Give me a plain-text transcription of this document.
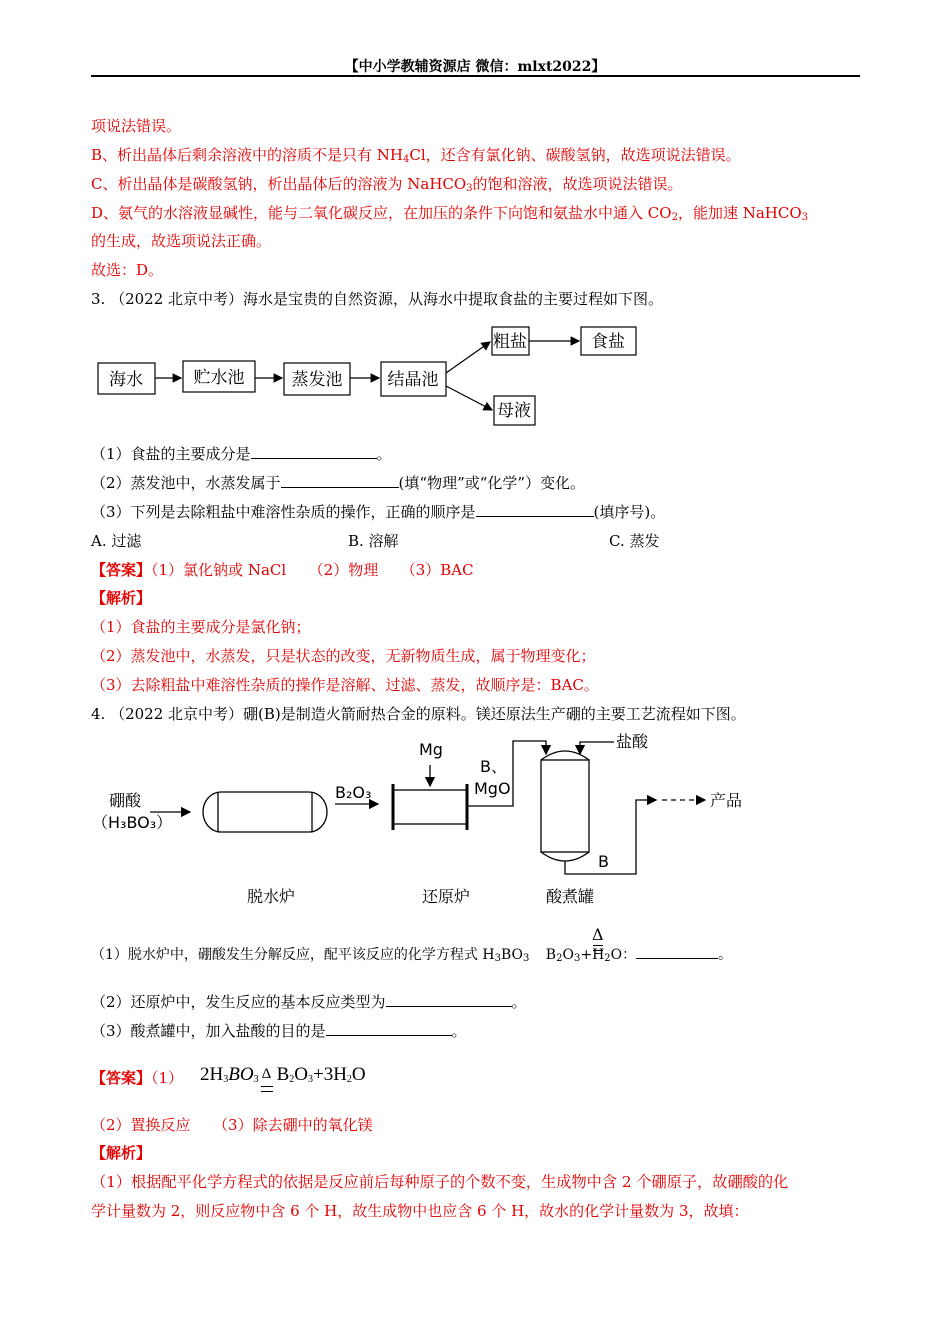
【中小学教辅资源店 微信：mlxt2022】
项说法错误。
B、析出晶体后剩余溶液中的溶质不是只有 $NH_4Cl$，还含有氯化钠、碳酸氢钠，故选项说法错误。
C、析出晶体是碳酸氢钠，析出晶体后的溶液为 NaHCO$_3$的饱和溶液，故选项说法错误。
D、氨气的水溶液显碱性，能与二氧化碳反应，在加压的条件下向饱和氨盐水中通入 $CO_2$，能加速 NaHCO$_3$
的生成，故选项说法正确。
故选：D。
3. （2022 北京中考）海水是宝贵的自然资源，从海水中提取食盐的主要过程如下图。
海水	贮水池	蒸发池	结晶池
粗盐	食盐
母液
（1）食盐的主要成分是	。
（2）蒸发池中，水蒸发属于	(填“物理”或“化学”）变化。
（3）下列是去除粗盐中难溶性杂质的操作，正确的顺序是	(填序号)。
A. 过滤	B. 溶解	C. 蒸发
【答案】（1）氯化钠或 NaCl　　（2）物理　　（3）BAC
【解析】
（1）食盐的主要成分是氯化钠；
（2）蒸发池中，水蒸发，只是状态的改变，无新物质生成，属于物理变化；
（3）去除粗盐中难溶性杂质的操作是溶解、过滤、蒸发，故顺序是：BAC。
4. （2022 北京中考）硼(B)是制造火箭耐热合金的原料。镁还原法生产硼的主要工艺流程如下图。
硼酸
（H₃BO₃）
B₂O₃
Mg
B、
MgO
盐酸
产品
B
脱水炉	还原炉	酸煮罐
Δ
（1）脱水炉中，硼酸发生分解反应，配平该反应的化学方程式 $H_3BO_3$ $B_2O_3+H_2O$：	。
（2）还原炉中，发生反应的基本反应类型为	。
（3）酸煮罐中，加入盐酸的目的是	。
【答案】（1） $2H_3BO_3$ Δ $B_2O_3+3H_2O$
（2）置换反应　　（3）除去硼中的氧化镁
【解析】
（1）根据配平化学方程式的依据是反应前后每种原子的个数不变，生成物中含 2 个硼原子，故硼酸的化
学计量数为 2，则反应物中含 6 个 H，故生成物中也应含 6 个 H，故水的化学计量数为 3，故填：
